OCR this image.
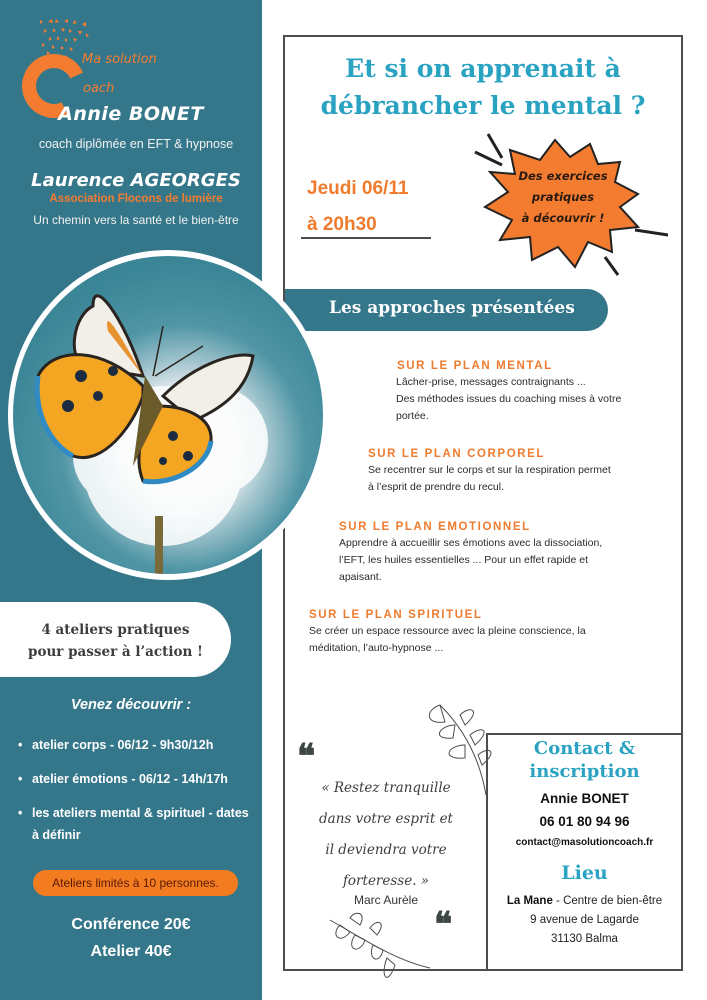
Ma solution
oach
Annie BONET
coach diplômée en EFT & hypnose
Laurence AGEORGES
Association Flocons de lumière
Un chemin vers la santé et le bien-être
4 ateliers pratiques
pour passer à l’action !
Venez découvrir :
• atelier corps - 06/12 - 9h30/12h
• atelier émotions - 06/12 - 14h/17h
• les ateliers mental & spirituel - dates à définir
Ateliers limités à 10 personnes.
Conférence 20€
Atelier 40€
Et si on apprenait à
débrancher le mental ?
Jeudi 06/11
à 20h30
Des exercices
pratiques
à découvrir !
Les approches présentées
SUR LE PLAN MENTAL

Lâcher-prise, messages contraignants ...

Des méthodes issues du coaching mises à votre

portée.

SUR LE PLAN CORPOREL

Se recentrer sur le corps et sur la respiration permet

à l’esprit de prendre du recul.

SUR LE PLAN EMOTIONNEL

Apprendre à accueillir ses émotions avec la dissociation,

l’EFT, les huiles essentielles ... Pour un effet rapide et

apaisant.

SUR LE PLAN SPIRITUEL

Se créer un espace ressource avec la pleine conscience, la

méditation, l’auto-hypnose ...

❝
« Restez tranquille
dans votre esprit et
il deviendra votre
forteresse. »
Marc Aurèle
❝
Contact &
inscription
Annie BONET
06 01 80 94 96
contact@masolutioncoach.fr
Lieu
La Mane - Centre de bien-être
9 avenue de Lagarde
31130 Balma
